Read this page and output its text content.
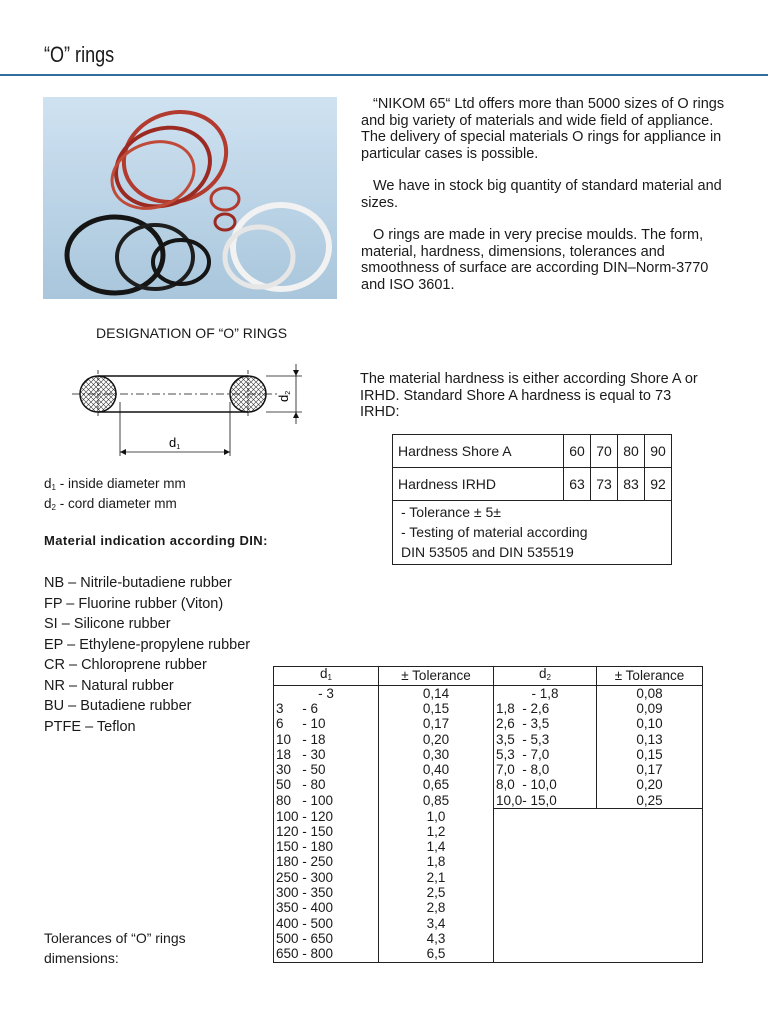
“O” rings

“NIKOM 65“ Ltd offers more than 5000 sizes of O rings and big variety of materials and wide field of appliance. The delivery of special materials O rings for appliance in particular cases is possible.

We have in stock big quantity of standard material and sizes.

O rings are made in very precise moulds. The form, material, hardness, dimensions, tolerances and smoothness of surface are according DIN–Norm-3770 and ISO 3601.

DESIGNATION OF “O” RINGS
d1
d2
$d_1$ - inside diameter mm
$d_2$ - cord diameter mm
Material indication according DIN:
NB – Nitrile-butadiene rubber
FP – Fluorine rubber (Viton)
SI – Silicone rubber
EP – Ethylene-propylene rubber
CR – Chloroprene rubber
NR – Natural rubber
BU – Butadiene rubber
PTFE – Teflon
The material hardness is either according Shore A or IRHD. Standard Shore A hardness is equal to 73 IRHD:
Hardness Shore A	60	70	80	90
Hardness IRHD	63	73	83	92

- Tolerance ± 5±
- Testing of material according
DIN 53505 and DIN 535519				
$d_1$	± Tolerance	$d_2$	± Tolerance
- 3	0,14	- 1,8	0,08
3     - 6	0,15	1,8  - 2,6	0,09
6     - 10	0,17	2,6  - 3,5	0,10
10   - 18	0,20	3,5  - 5,3	0,13
18   - 30	0,30	5,3  - 7,0	0,15
30   - 50	0,40	7,0  - 8,0	0,17
50   - 80	0,65	8,0  - 10,0	0,20
80   - 100	0,85	10,0- 15,0	0,25
100 - 120	1,0		
120 - 150	1,2		
150 - 180	1,4		
180 - 250	1,8		
250 - 300	2,1		
300 - 350	2,5		
350 - 400	2,8		
400 - 500	3,4		
500 - 650	4,3		
650 - 800	6,5		
Tolerances of “O” rings dimensions:
